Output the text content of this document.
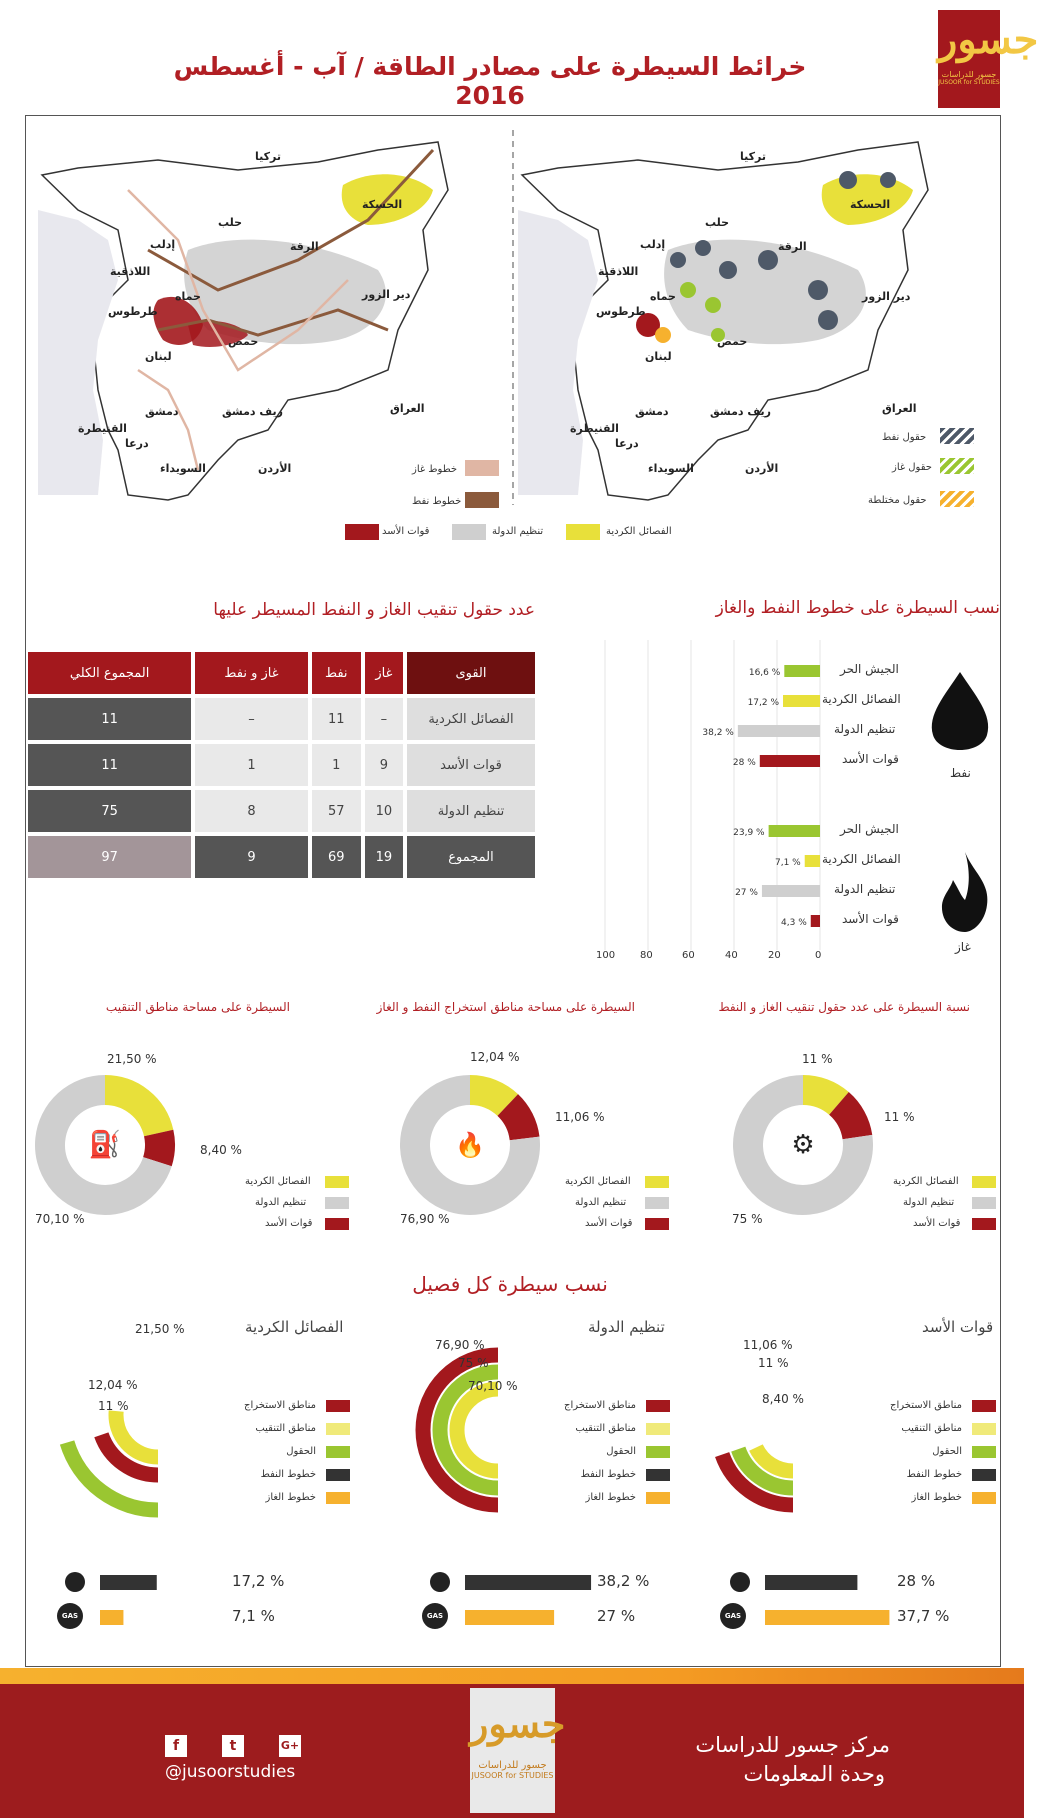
خرائط السيطرة على مصادر الطاقة / آب - أغسطس 2016
جسور
جسور للدراسات
JUSOOR for STUDIES
تركيا
الحسكة
حلب
الرقة
إدلب
اللاذقية
حماه
طرطوس
دير الزور
حمص
لبنان
العراق
دمشق	ريف دمشق
القنيطرة
درعا
السويداء	الأردن
تركيا
الحسكة
حلب
الرقة
إدلب
اللاذقية
حماه
طرطوس
دير الزور
حمص
لبنان
العراق
دمشق	ريف دمشق
القنيطرة
درعا
السويداء	الأردن
خطوط غاز
خطوط نفط
حقول نفط
حقول غاز
حقول مختلطة
قوات الأسد	تنظيم الدولة	الفصائل الكردية
عدد حقول تنقيب الغاز و النفط المسيطر عليها
القوى	غاز	نفط	غاز و نفط	المجموع الكلي
الفصائل الكردية	–	11	–	11
قوات الأسد	9	1	1	11
تنظيم الدولة	10	57	8	75
المجموع	19	69	9	97
نسب السيطرة على خطوط النفط والغاز
16,6 %
17,2 %
38,2 %
28 %
23,9 %
7,1 %
27 %
4,3 %
100 80	60	40	20	0
الجيش الحر
الفصائل الكردية
تنظيم الدولة
قوات الأسد
الجيش الحر
الفصائل الكردية
تنظيم الدولة
قوات الأسد
نفط
غاز
السيطرة على مساحة مناطق التنقيب	السيطرة على مساحة مناطق استخراج النفط و الغاز	نسبة السيطرة على عدد حقول تنقيب الغاز و النفط
⛽	🔥	⚙
21,50 %
8,40 %
70,10 %
12,04 %
11,06 %
76,90 %
11 %
11 %
75 %
الفصائل الكردية
تنظيم الدولة
قوات الأسد
الفصائل الكردية
تنظيم الدولة
قوات الأسد
الفصائل الكردية
تنظيم الدولة
قوات الأسد
نسب سيطرة كل فصيل
الفصائل الكردية	تنظيم الدولة	قوات الأسد
21,50 %
12,04 %
11 %
76,90 %
75 %
70,10 %
11,06 %
11 %
8,40 %
مناطق الاستخراج
مناطق التنقيب
الحقول
خطوط النفط
خطوط الغاز
مناطق الاستخراج
مناطق التنقيب
الحقول
خطوط النفط
خطوط الغاز
مناطق الاستخراج
مناطق التنقيب
الحقول
خطوط النفط
خطوط الغاز
GAS	GAS	GAS
17,2 %
7,1 %
38,2 %
27 %
28 %
37,7 %
جسور
جسور للدراسات
JUSOOR for STUDIES
f	t	G+
@jusoorstudies
مركز جسور للدراسات
وحدة المعلومات
